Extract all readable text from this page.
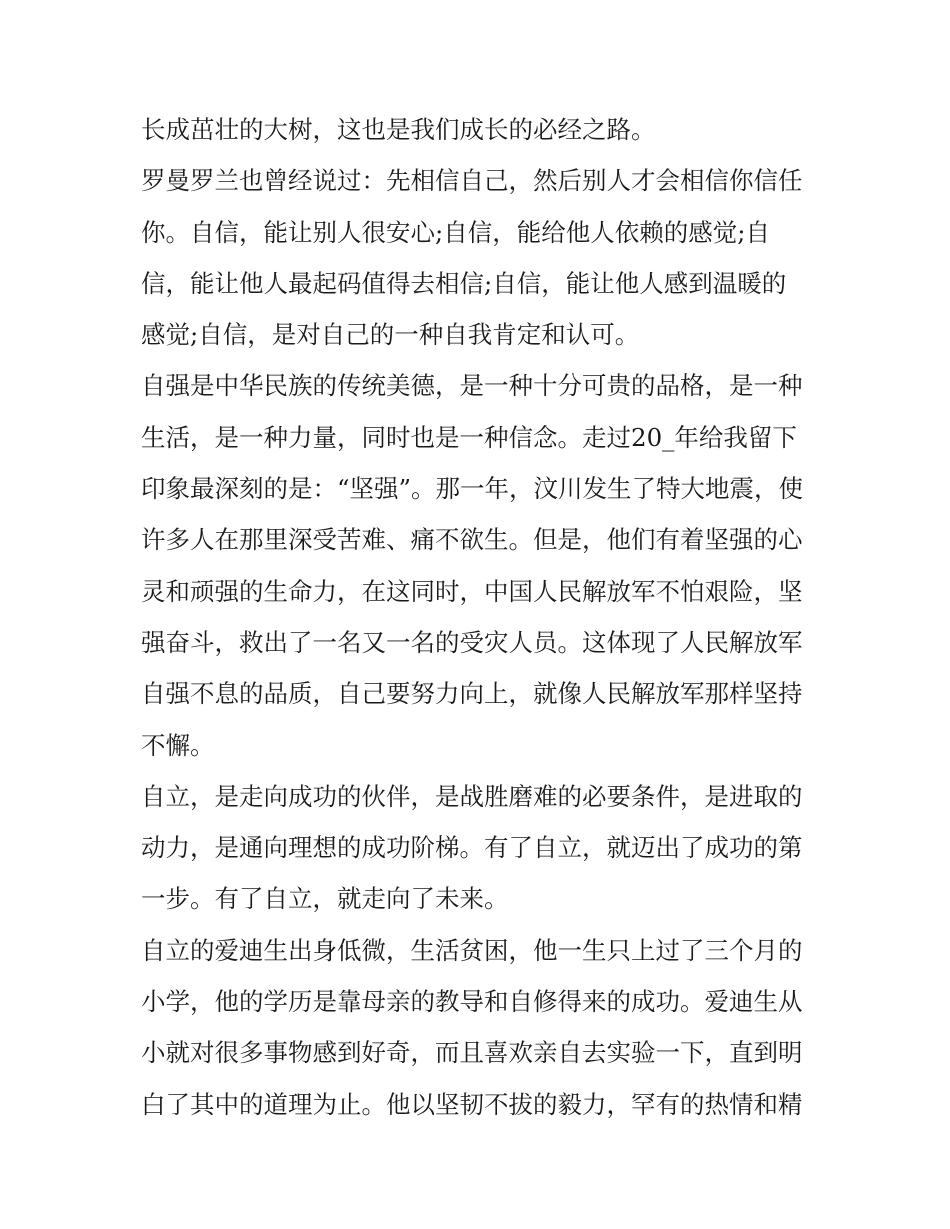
长成茁壮的大树，这也是我们成长的必经之路。
罗曼罗兰也曾经说过：先相信自己，然后别人才会相信你信任
你。自信，能让别人很安心;自信，能给他人依赖的感觉;自
信，能让他人最起码值得去相信;自信，能让他人感到温暖的
感觉;自信，是对自己的一种自我肯定和认可。
自强是中华民族的传统美德，是一种十分可贵的品格，是一种
生活，是一种力量，同时也是一种信念。走过20_年给我留下
印象最深刻的是：“坚强”。那一年，汶川发生了特大地震，使
许多人在那里深受苦难、痛不欲生。但是，他们有着坚强的心
灵和顽强的生命力，在这同时，中国人民解放军不怕艰险，坚
强奋斗，救出了一名又一名的受灾人员。这体现了人民解放军
自强不息的品质，自己要努力向上，就像人民解放军那样坚持
不懈。
自立，是走向成功的伙伴，是战胜磨难的必要条件，是进取的
动力，是通向理想的成功阶梯。有了自立，就迈出了成功的第
一步。有了自立，就走向了未来。
自立的爱迪生出身低微，生活贫困，他一生只上过了三个月的
小学，他的学历是靠母亲的教导和自修得来的成功。爱迪生从
小就对很多事物感到好奇，而且喜欢亲自去实验一下，直到明
白了其中的道理为止。他以坚韧不拔的毅力，罕有的热情和精
